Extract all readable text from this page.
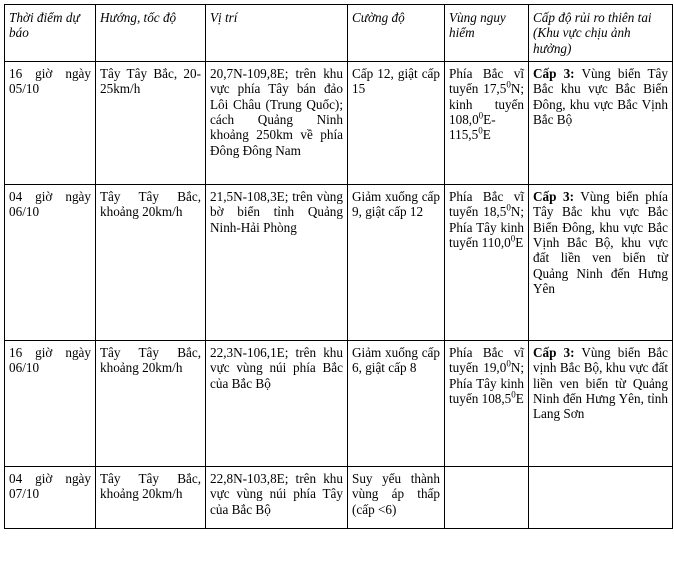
Thời điểm dự báo	Hướng, tốc độ	Vị trí	Cường độ	Vùng nguy hiểm	Cấp độ rủi ro thiên tai (Khu vực chịu ảnh hưởng)
16 giờ ngày 05/10	Tây Tây Bắc, 20-25km/h	20,7N-109,8E; trên khu vực phía Tây bán đảo Lôi Châu (Trung Quốc); cách Quảng Ninh khoảng 250km về phía Đông Đông Nam	Cấp 12, giật cấp 15	Phía Bắc vĩ tuyến 17,5$^0$N; kinh tuyến 108,0$^0$E-115,5$^0$E	Cấp 3: Vùng biển Tây Bắc khu vực Bắc Biển Đông, khu vực Bắc Vịnh Bắc Bộ
04 giờ ngày 06/10	Tây Tây Bắc, khoảng 20km/h	21,5N-108,3E; trên vùng bờ biển tỉnh Quảng Ninh-Hải Phòng	Giảm xuống cấp 9, giật cấp 12	Phía Bắc vĩ tuyến 18,5$^0$N; Phía Tây kinh tuyến 110,0$^0$E	Cấp 3: Vùng biển phía Tây Bắc khu vực Bắc Biển Đông, khu vực Bắc Vịnh Bắc Bộ, khu vực đất liền ven biển từ Quảng Ninh đến Hưng Yên
16 giờ ngày 06/10	Tây Tây Bắc, khoảng 20km/h	22,3N-106,1E; trên khu vực vùng núi phía Bắc của Bắc Bộ	Giảm xuống cấp 6, giật cấp 8	Phía Bắc vĩ tuyến 19,0$^0$N; Phía Tây kinh tuyến 108,5$^0$E	Cấp 3: Vùng biển Bắc vịnh Bắc Bộ, khu vực đất liền ven biển từ Quảng Ninh đến Hưng Yên, tỉnh Lang Sơn
04 giờ ngày 07/10	Tây Tây Bắc, khoảng 20km/h	22,8N-103,8E; trên khu vực vùng núi phía Tây của Bắc Bộ	Suy yếu thành vùng áp thấp (cấp <6)		
